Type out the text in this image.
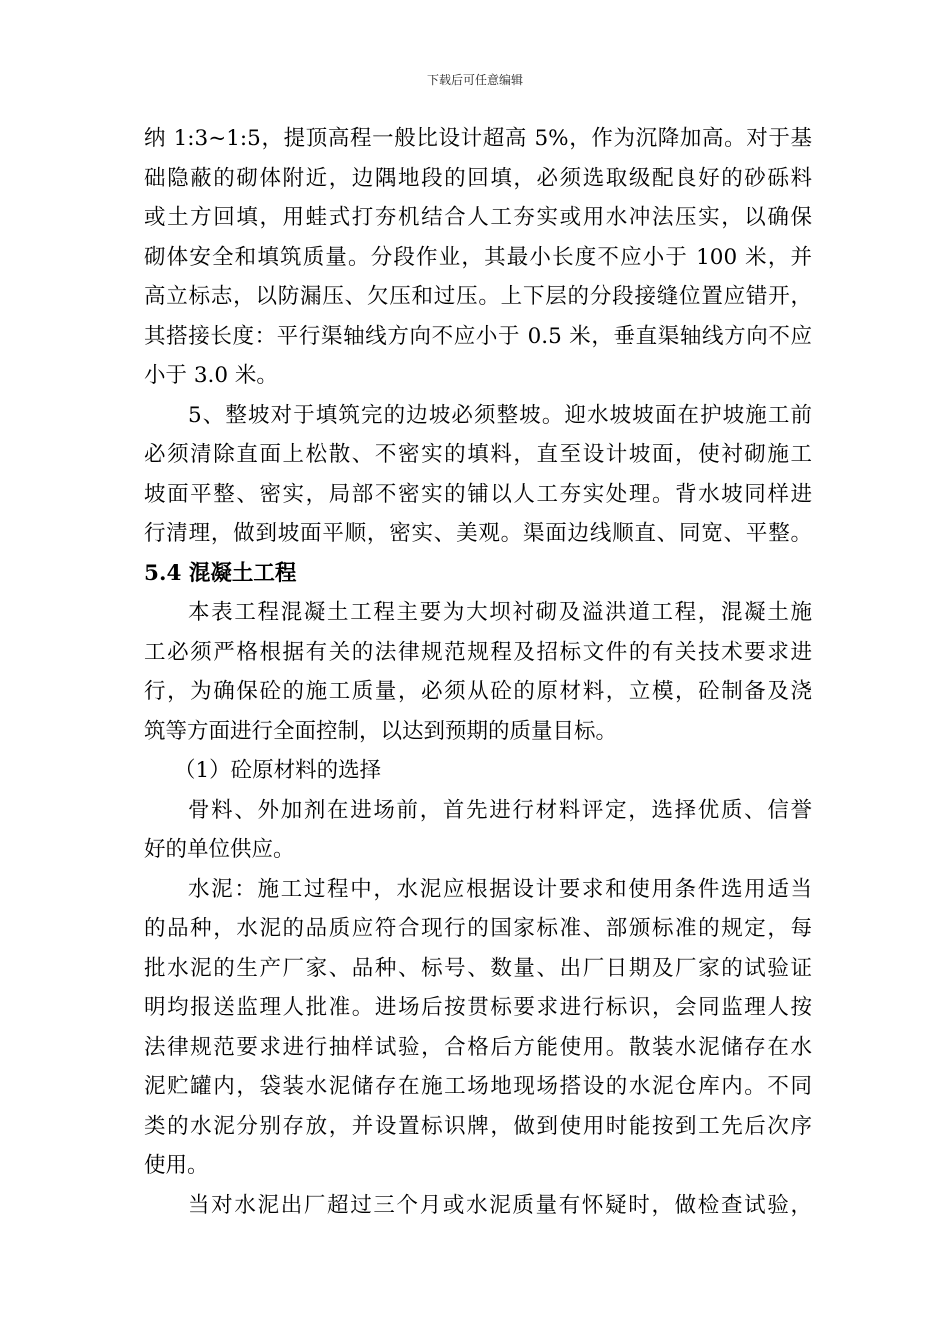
下载后可任意编辑
纳 1:3~1:5，提顶高程一般比设计超高 5%，作为沉降加高。对于基
础隐蔽的砌体附近，边隅地段的回填，必须选取级配良好的砂砾料
或土方回填，用蛙式打夯机结合人工夯实或用水冲法压实，以确保
砌体安全和填筑质量。分段作业，其最小长度不应小于 100 米，并
高立标志，以防漏压、欠压和过压。上下层的分段接缝位置应错开，
其搭接长度：平行渠轴线方向不应小于 0.5 米，垂直渠轴线方向不应
小于 3.0 米。
5、整坡对于填筑完的边坡必须整坡。迎水坡坡面在护坡施工前
必须清除直面上松散、不密实的填料，直至设计坡面，使衬砌施工
坡面平整、密实，局部不密实的铺以人工夯实处理。背水坡同样进
行清理，做到坡面平顺，密实、美观。渠面边线顺直、同宽、平整。
5.4 混凝土工程
本表工程混凝土工程主要为大坝衬砌及溢洪道工程，混凝土施
工必须严格根据有关的法律规范规程及招标文件的有关技术要求进
行，为确保砼的施工质量，必须从砼的原材料，立模，砼制备及浇
筑等方面进行全面控制，以达到预期的质量目标。
（1）砼原材料的选择
骨料、外加剂在进场前，首先进行材料评定，选择优质、信誉
好的单位供应。
水泥：施工过程中，水泥应根据设计要求和使用条件选用适当
的品种，水泥的品质应符合现行的国家标准、部颁标准的规定，每
批水泥的生产厂家、品种、标号、数量、出厂日期及厂家的试验证
明均报送监理人批准。进场后按贯标要求进行标识，会同监理人按
法律规范要求进行抽样试验，合格后方能使用。散装水泥储存在水
泥贮罐内，袋装水泥储存在施工场地现场搭设的水泥仓库内。不同
类的水泥分别存放，并设置标识牌，做到使用时能按到工先后次序
使用。
当对水泥出厂超过三个月或水泥质量有怀疑时，做检查试验，
